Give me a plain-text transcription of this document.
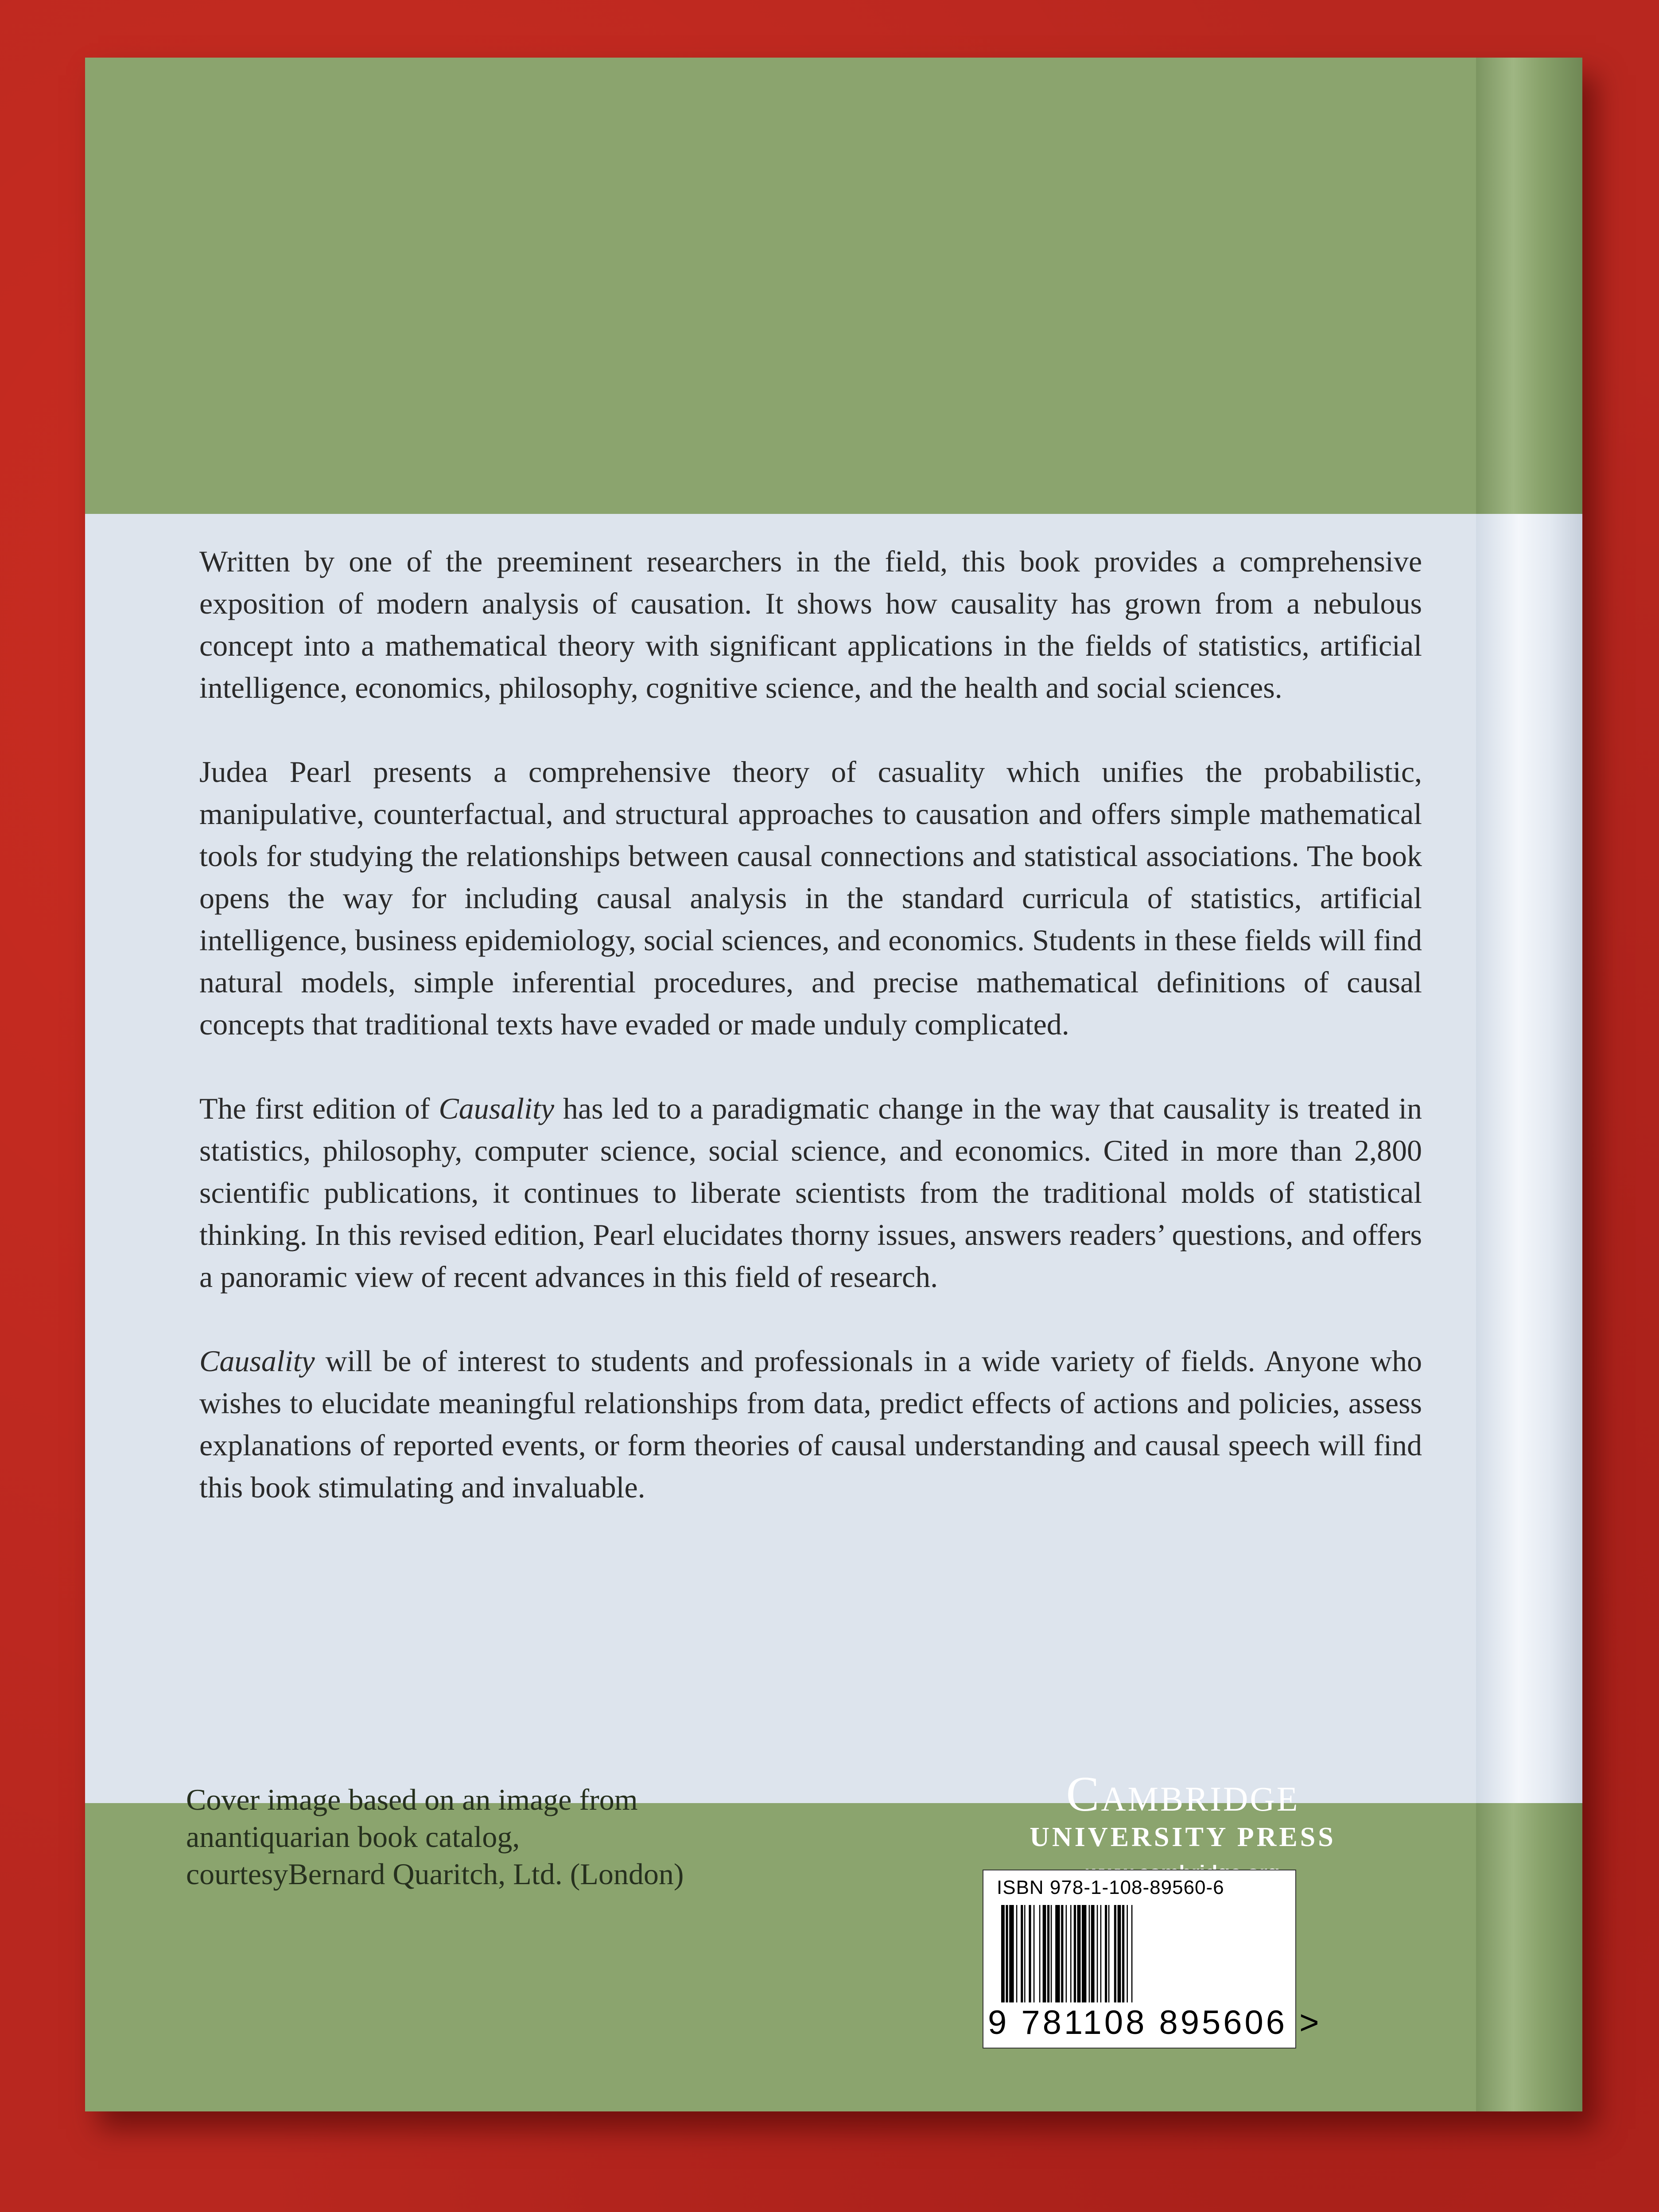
Written by one of the preeminent researchers in the field, this book provides a comprehensive exposition of modern analysis of causation. It shows how causality has grown from a nebulous concept into a mathematical theory with significant applications in the fields of statistics, artificial intelligence, economics, philosophy, cognitive science, and the health and social sciences.

Judea Pearl presents a comprehensive theory of casuality which unifies the probabilistic, manipulative, counterfactual, and structural approaches to causation and offers simple mathematical tools for studying the relationships between causal connections and statistical associations. The book opens the way for including causal analysis in the standard curricula of statistics, artificial intelligence, business epidemiology, social sciences, and economics. Students in these fields will find natural models, simple inferential procedures, and precise mathematical definitions of causal concepts that traditional texts have evaded or made unduly complicated.

The first edition of Causality has led to a paradigmatic change in the way that causality is treated in statistics, philosophy, computer science, social science, and economics. Cited in more than 2,800 scientific publications, it continues to liberate scientists from the traditional molds of statistical thinking. In this revised edition, Pearl elucidates thorny issues, answers readers’ questions, and offers a panoramic view of recent advances in this field of research.

Causality will be of interest to students and professionals in a wide variety of fields. Anyone who wishes to elucidate meaningful relationships from data, predict effects of actions and policies, assess explanations of reported events, or form theories of causal understanding and causal speech will find this book stimulating and invaluable.

Cover image based on an image from
anantiquarian book catalog,
courtesyBernard Quaritch, Ltd. (London)
Cambridge
UNIVERSITY PRESS
ISBN 978-1-108-89560-6
9 781108 895606 >
